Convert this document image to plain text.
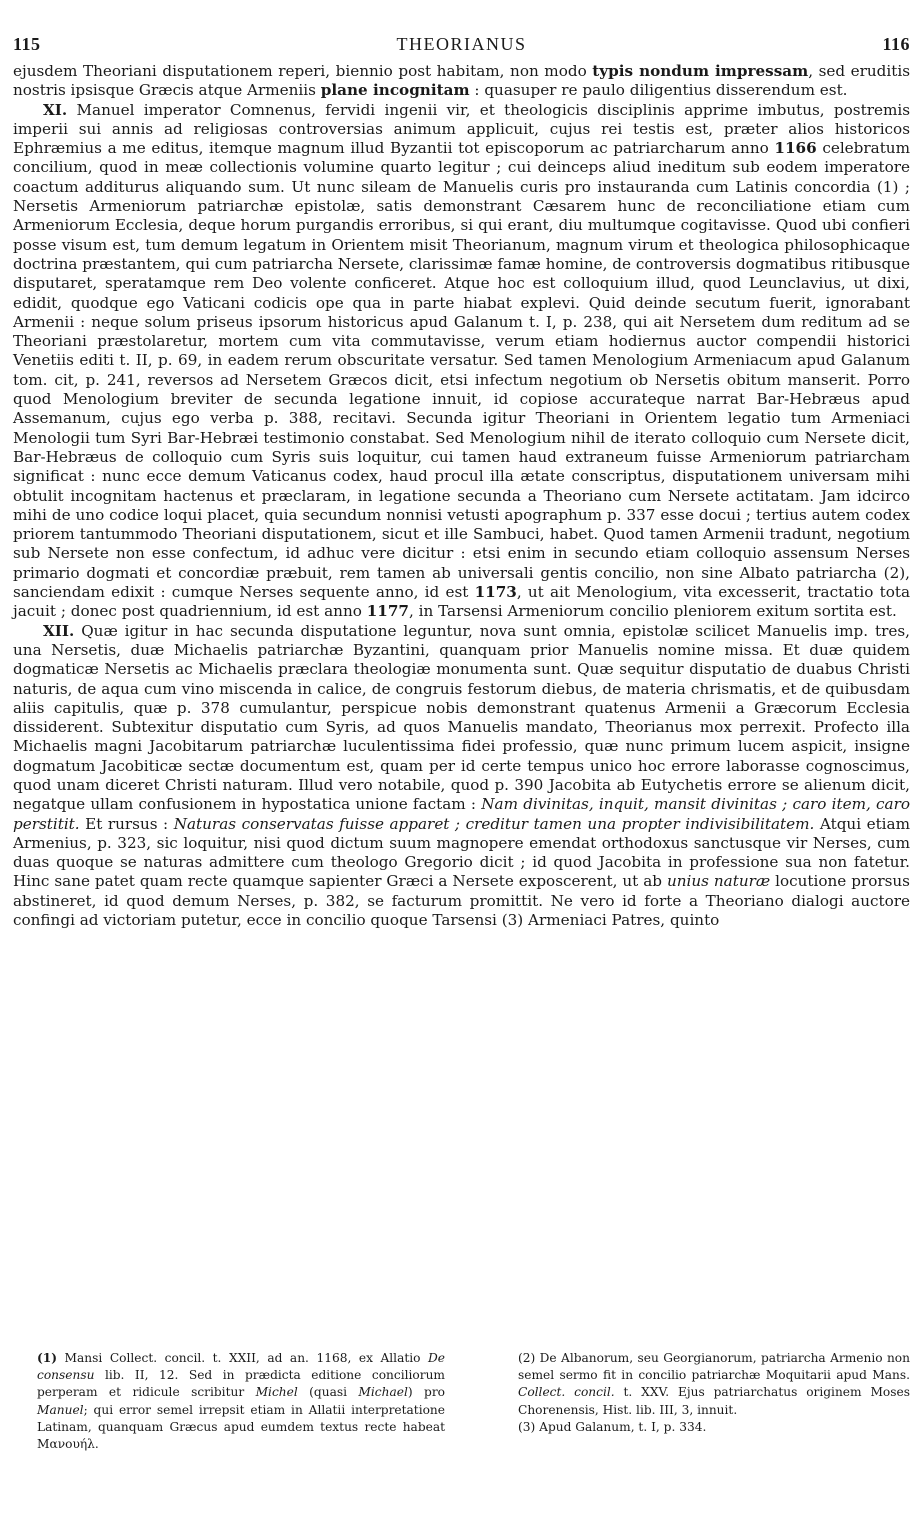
115	THEORIANUS	116

ejusdem Theoriani disputationem reperi, biennio post habitam, non modo typis nondum impressam, sed eruditis nostris ipsisque Græcis atque Armeniis plane incognitam : quasuper re paulo diligentius disserendum est.

XI. Manuel imperator Comnenus, fervidi ingenii vir, et theologicis disciplinis apprime imbutus, postremis imperii sui annis ad religiosas controversias animum applicuit, cujus rei testis est, præter alios historicos Ephræmius a me editus, itemque magnum illud Byzantii tot episcoporum ac patriarcharum anno 1166 celebratum concilium, quod in meæ collectionis volumine quarto legitur ; cui deinceps aliud ineditum sub eodem imperatore coactum additurus aliquando sum. Ut nunc sileam de Manuelis curis pro instauranda cum Latinis concordia (1) ; Nersetis Armeniorum patriarchæ epistolæ, satis demonstrant Cæsarem hunc de reconciliatione etiam cum Armeniorum Ecclesia, deque horum purgandis erroribus, si qui erant, diu multumque cogitavisse. Quod ubi confieri posse visum est, tum demum legatum in Orientem misit Theorianum, magnum virum et theologica philosophicaque doctrina præstantem, qui cum patriarcha Nersete, clarissimæ famæ homine, de controversis dogmatibus ritibusque disputaret, speratamque rem Deo volente conficeret. Atque hoc est colloquium illud, quod Leunclavius, ut dixi, edidit, quodque ego Vaticani codicis ope qua in parte hiabat explevi. Quid deinde secutum fuerit, ignorabant Armenii : neque solum priseus ipsorum historicus apud Galanum t. I, p. 238, qui ait Nersetem dum reditum ad se Theoriani præstolaretur, mortem cum vita commutavisse, verum etiam hodiernus auctor compendii historici Venetiis editi t. II, p. 69, in eadem rerum obscuritate versatur. Sed tamen Menologium Armeniacum apud Galanum tom. cit, p. 241, reversos ad Nersetem Græcos dicit, etsi infectum negotium ob Nersetis obitum manserit. Porro quod Menologium breviter de secunda legatione innuit, id copiose accurateque narrat Bar-Hebræus apud Assemanum, cujus ego verba p. 388, recitavi. Secunda igitur Theoriani in Orientem legatio tum Armeniaci Menologii tum Syri Bar-Hebræi testimonio constabat. Sed Menologium nihil de iterato colloquio cum Nersete dicit, Bar-Hebræus de colloquio cum Syris suis loquitur, cui tamen haud extraneum fuisse Armeniorum patriarcham significat : nunc ecce demum Vaticanus codex, haud procul illa ætate conscriptus, disputationem universam mihi obtulit incognitam hactenus et præclaram, in legatione secunda a Theoriano cum Nersete actitatam. Jam idcirco mihi de uno codice loqui placet, quia secundum nonnisi vetusti apographum p. 337 esse docui ; tertius autem codex priorem tantummodo Theoriani disputationem, sicut et ille Sambuci, habet. Quod tamen Armenii tradunt, negotium sub Nersete non esse confectum, id adhuc vere dicitur : etsi enim in secundo etiam colloquio assensum Nerses primario dogmati et concordiæ præbuit, rem tamen ab universali gentis concilio, non sine Albato patriarcha (2), sanciendam edixit : cumque Nerses sequente anno, id est 1173, ut ait Menologium, vita excesserit, tractatio tota jacuit ; donec post quadriennium, id est anno 1177, in Tarsensi Armeniorum concilio pleniorem exitum sortita est.

XII. Quæ igitur in hac secunda disputatione leguntur, nova sunt omnia, epistolæ scilicet Manuelis imp. tres, una Nersetis, duæ Michaelis patriarchæ Byzantini, quanquam prior Manuelis nomine missa. Et duæ quidem dogmaticæ Nersetis ac Michaelis præclara theologiæ monumenta sunt. Quæ sequitur disputatio de duabus Christi naturis, de aqua cum vino miscenda in calice, de congruis festorum diebus, de materia chrismatis, et de quibusdam aliis capitulis, quæ p. 378 cumulantur, perspicue nobis demonstrant quatenus Armenii a Græcorum Ecclesia dissiderent. Subtexitur disputatio cum Syris, ad quos Manuelis mandato, Theorianus mox perrexit. Profecto illa Michaelis magni Jacobitarum patriarchæ luculentissima fidei professio, quæ nunc primum lucem aspicit, insigne dogmatum Jacobiticæ sectæ documentum est, quam per id certe tempus unico hoc errore laborasse cognoscimus, quod unam diceret Christi naturam. Illud vero notabile, quod p. 390 Jacobita ab Eutychetis errore se alienum dicit, negatque ullam confusionem in hypostatica unione factam : Nam divinitas, inquit, mansit divinitas ; caro item, caro perstitit. Et rursus : Naturas conservatas fuisse apparet ; creditur tamen una propter indivisibilitatem. Atqui etiam Armenius, p. 323, sic loquitur, nisi quod dictum suum magnopere emendat orthodoxus sanctusque vir Nerses, cum duas quoque se naturas admittere cum theologo Gregorio dicit ; id quod Jacobita in professione sua non fatetur. Hinc sane patet quam recte quamque sapienter Græci a Nersete exposcerent, ut ab unius naturæ locutione prorsus abstineret, id quod demum Nerses, p. 382, se facturum promittit. Ne vero id forte a Theoriano dialogi auctore confingi ad victoriam putetur, ecce in concilio quoque Tarsensi (3) Armeniaci Patres, quinto

(1) Mansi Collect. concil. t. XXII, ad an. 1168, ex Allatio De consensu lib. II, 12. Sed in prædicta editione conciliorum perperam et ridicule scribitur Michel (quasi Michael) pro Manuel; qui error semel irrepsit etiam in Allatii interpretatione Latinam, quanquam Græcus apud eumdem textus recte habeat Μανουήλ.

(2) De Albanorum, seu Georgianorum, patriarcha Armenio non semel sermo fit in concilio patriarchæ Moquitarii apud Mans. Collect. concil. t. XXV. Ejus patriarchatus originem Moses Chorenensis, Hist. lib. III, 3, innuit.

(3) Apud Galanum, t. I, p. 334.
